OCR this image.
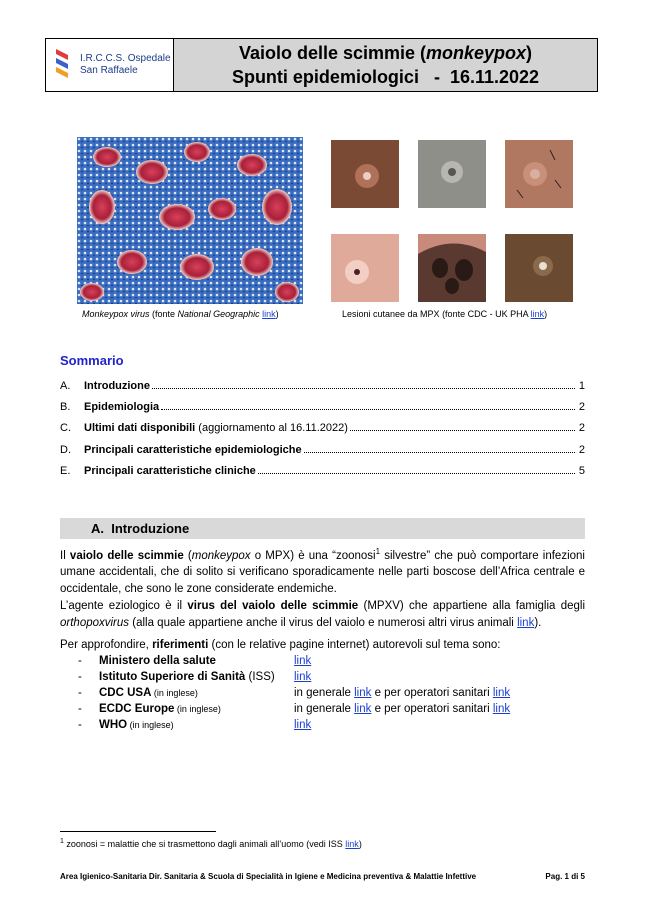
I.R.C.C.S. Ospedale
San Raffaele
Vaiolo delle scimmie (monkeypox)
Spunti epidemiologici   -  16.11.2022
Monkeypox virus (fonte National Geographic link)	Lesioni cutanee da MPX (fonte CDC - UK PHA link)
Sommario
A.	Introduzione	1
B.	Epidemiologia	2
C.	Ultimi dati disponibili (aggiornamento al 16.11.2022)	2
D.	Principali caratteristiche epidemiologiche	2
E.	Principali caratteristiche cliniche	5
A.  Introduzione
Il vaiolo delle scimmie (monkeypox o MPX) è una “zoonosi$^1$ silvestre” che può comportare infezioni umane accidentali, che di solito si verificano sporadicamente nelle parti boscose dell’Africa centrale e occidentale, che sono le zone considerate endemiche.
L’agente eziologico è il virus del vaiolo delle scimmie (MPXV) che appartiene alla famiglia degli orthopoxvirus (alla quale appartiene anche il virus del vaiolo e numerosi altri virus animali link).
Per approfondire, riferimenti (con le relative pagine internet) autorevoli sul tema sono:
- Ministero della salute	link
- Istituto Superiore di Sanità (ISS) link
- CDC USA (in inglese)	in generale link e per operatori sanitari link
- ECDC Europe (in inglese)	in generale link e per operatori sanitari link
- WHO (in inglese)	link
$^1$ zoonosi = malattie che si trasmettono dagli animali all’uomo (vedi ISS link)
Area Igienico-Sanitaria Dir. Sanitaria & Scuola di Specialità in Igiene e Medicina preventiva & Malattie Infettive	Pag. 1 di 5
